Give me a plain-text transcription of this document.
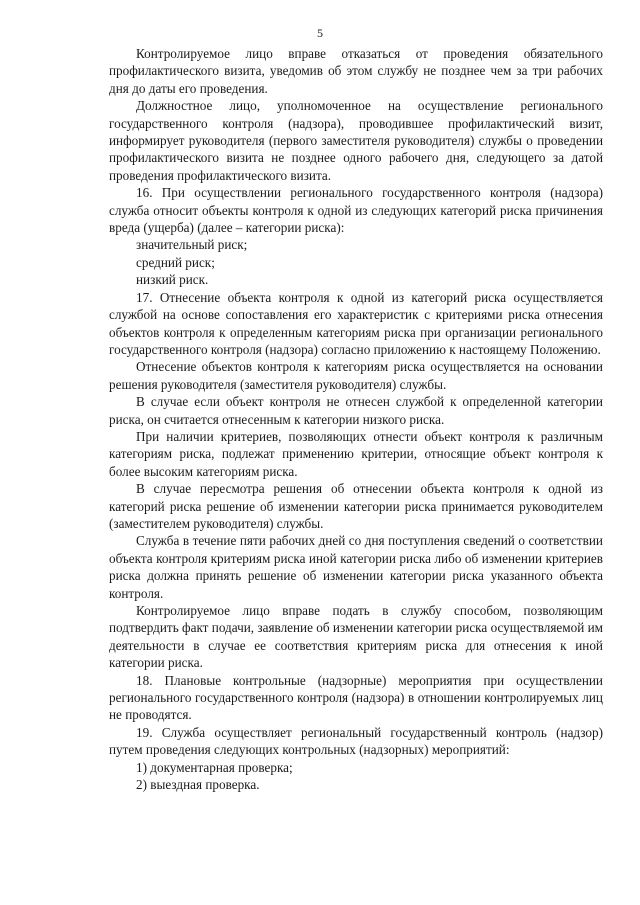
5

Контролируемое лицо вправе отказаться от проведения обязательного профилактического визита, уведомив об этом службу не позднее чем за три рабочих дня до даты его проведения.

Должностное лицо, уполномоченное на осуществление регионального государственного контроля (надзора), проводившее профилактический визит, информирует руководителя (первого заместителя руководителя) службы о проведении профилактического визита не позднее одного рабочего дня, следующего за датой проведения профилактического визита.

16. При осуществлении регионального государственного контроля (надзора) служба относит объекты контроля к одной из следующих категорий риска причинения вреда (ущерба) (далее – категории риска):

значительный риск;

средний риск;

низкий риск.

17. Отнесение объекта контроля к одной из категорий риска осуществляется службой на основе сопоставления его характеристик с критериями риска отнесения объектов контроля к определенным категориям риска при организации регионального государственного контроля (надзора) согласно приложению к настоящему Положению.

Отнесение объектов контроля к категориям риска осуществляется на основании решения руководителя (заместителя руководителя) службы.

В случае если объект контроля не отнесен службой к определенной категории риска, он считается отнесенным к категории низкого риска.

При наличии критериев, позволяющих отнести объект контроля к различным категориям риска, подлежат применению критерии, относящие объект контроля к более высоким категориям риска.

В случае пересмотра решения об отнесении объекта контроля к одной из категорий риска решение об изменении категории риска принимается руководителем (заместителем руководителя) службы.

Служба в течение пяти рабочих дней со дня поступления сведений о соответствии объекта контроля критериям риска иной категории риска либо об изменении критериев риска должна принять решение об изменении категории риска указанного объекта контроля.

Контролируемое лицо вправе подать в службу способом, позволяющим подтвердить факт подачи, заявление об изменении категории риска осуществляемой им деятельности в случае ее соответствия критериям риска для отнесения к иной категории риска.

18. Плановые контрольные (надзорные) мероприятия при осуществлении регионального государственного контроля (надзора) в отношении контролируемых лиц не проводятся.

19. Служба осуществляет региональный государственный контроль (надзор) путем проведения следующих контрольных (надзорных) мероприятий:

1) документарная проверка;

2) выездная проверка.
